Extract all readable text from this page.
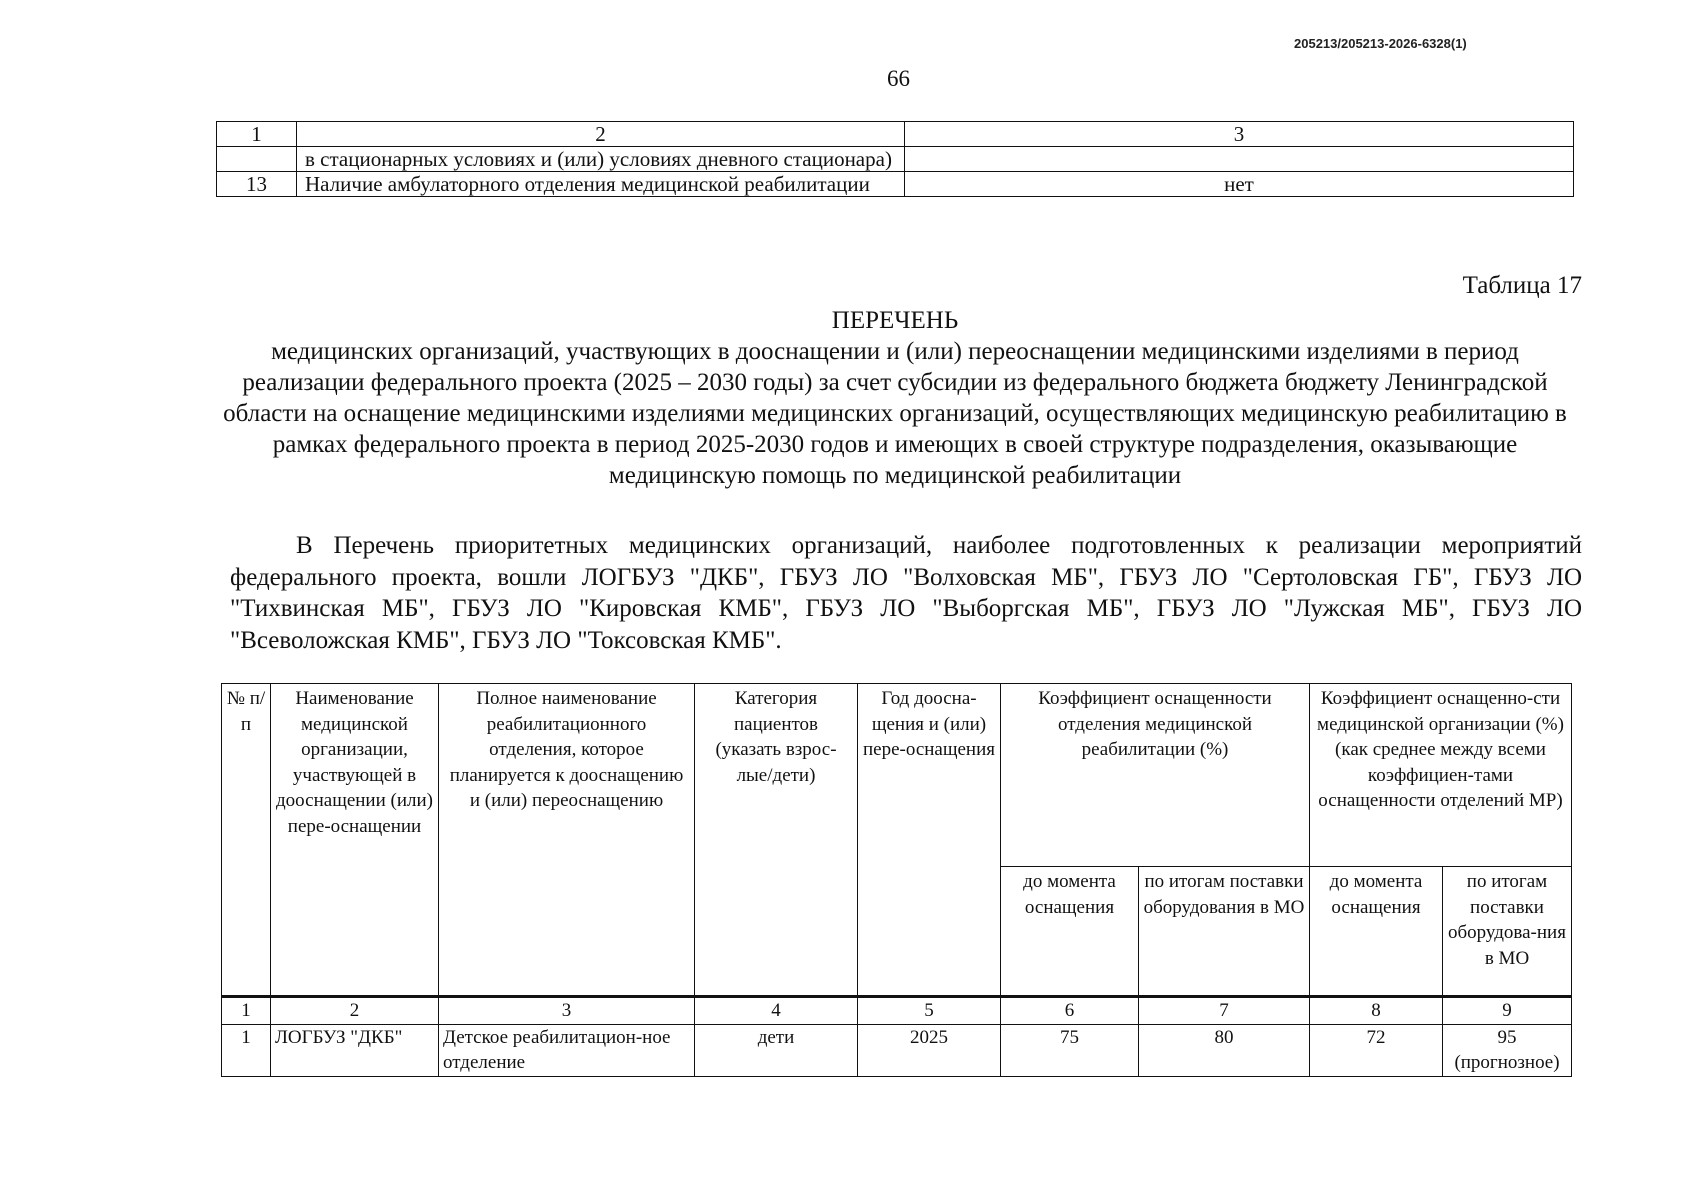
205213/205213-2026-6328(1)
66
1	2	3
	в стационарных условиях и (или) условиях дневного стационара)	
13	Наличие амбулаторного отделения медицинской реабилитации	нет
Таблица 17
ПЕРЕЧЕНЬ
медицинских организаций, участвующих в дооснащении и (или) переоснащении медицинскими изделиями в период реализации федерального проекта (2025 – 2030 годы) за счет субсидии из федерального бюджета бюджету Ленинградской области на оснащение медицинскими изделиями медицинских организаций, осуществляющих медицинскую реабилитацию в рамках федерального проекта в период 2025-2030 годов и имеющих в своей структуре подразделения, оказывающие медицинскую помощь по медицинской реабилитации
В Перечень приоритетных медицинских организаций, наиболее подготовленных к реализации мероприятий федерального проекта, вошли ЛОГБУЗ "ДКБ", ГБУЗ ЛО "Волховская МБ", ГБУЗ ЛО "Сертоловская ГБ", ГБУЗ ЛО "Тихвинская МБ", ГБУЗ ЛО "Кировская КМБ", ГБУЗ ЛО "Выборгская МБ", ГБУЗ ЛО "Лужская МБ", ГБУЗ ЛО "Всеволожская КМБ", ГБУЗ ЛО "Токсовская КМБ".
№ п/п	Наименование медицинской организации, участвующей в дооснащении (или) пере-оснащении	Полное наименование реабилитационного отделения, которое планируется к дооснащению и (или) переоснащению	Категория пациентов (указать взрос-лые/дети)	Год доосна-щения и (или) пере-оснащения	Коэффициент оснащенности отделения медицинской реабилитации (%)		Коэффициент оснащенно-сти медицинской организации (%) (как среднее между всеми коэффициен-тами оснащенности отделений МР)	
					до момента оснащения	по итогам поставки оборудования в МО	до момента оснащения	по итогам поставки оборудова-ния в МО
1	2	3	4	5	6	7	8	9
1	ЛОГБУЗ "ДКБ"	Детское реабилитацион-ное отделение	дети	2025	75	80	72	95 (прогнозное)
